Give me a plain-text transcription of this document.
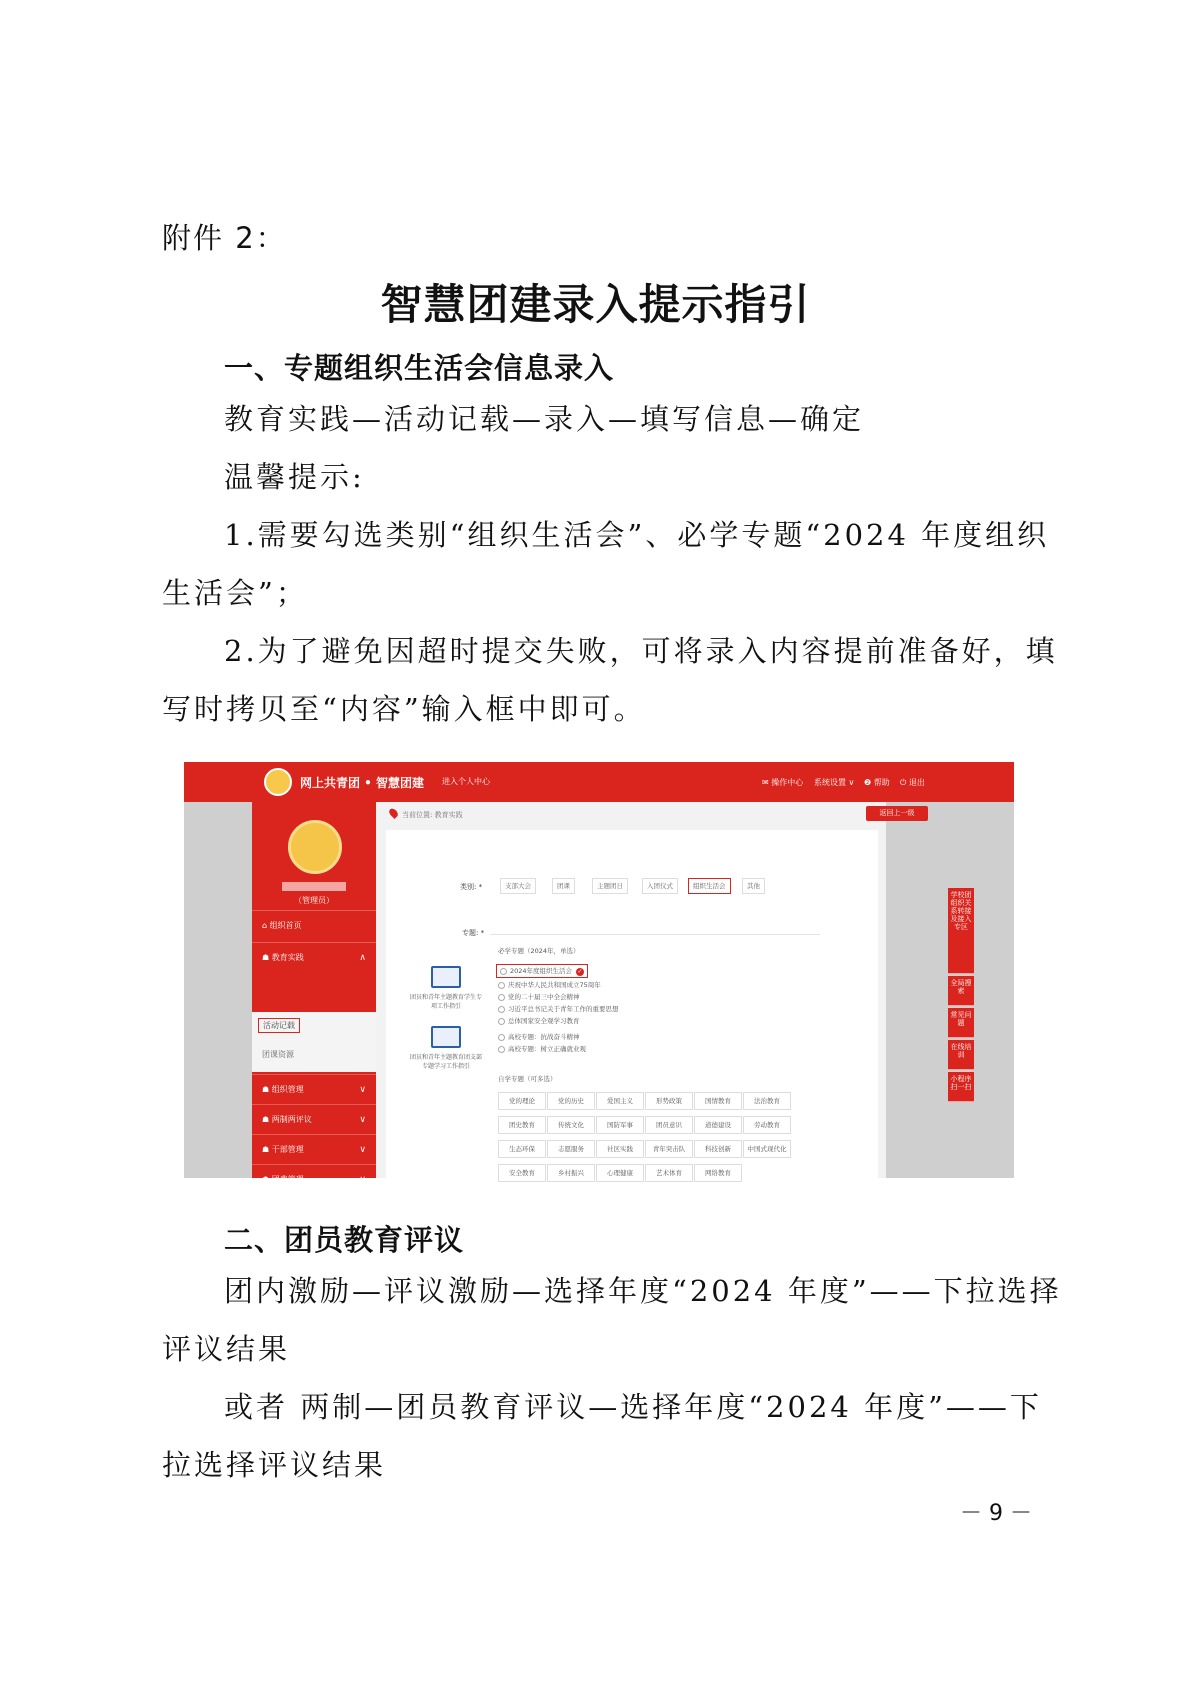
附件 2：
智慧团建录入提示指引
一、专题组织生活会信息录入
教育实践—活动记载—录入—填写信息—确定
温馨提示:
1.需要勾选类别“组织生活会”、必学专题“2024 年度组织
生活会”；
2.为了避免因超时提交失败，可将录入内容提前准备好，填
写时拷贝至“内容”输入框中即可。
网上共青团 • 智慧团建 进入个人中心	✉ 操作中心 系统设置 ∨ ❷ 帮助 ⏻ 退出
（管理员）
⌂ 组织首页
☗ 教育实践	∧
活动记载
团课资源
☗ 组织管理	∨
☗ 两制两评议	∨
☗ 干部管理	∨
☗ 团费管理	∨
当前位置: 教育实践
类别: *	支部大会	团课	主题团日	入团仪式	组织生活会	其他
专题: *
必学专题（2024年，单选）
2024年度组织生活会 ✓
庆祝中华人民共和国成立75周年
党的二十届三中全会精神
习近平总书记关于青年工作的重要思想
总体国家安全观学习教育
高校专题：抗战奋斗精神
高校专题：树立正确就业观
团员和青年主题教育学生专项工作指引
团员和青年主题教育团支部专题学习工作指引
自学专题（可多选）
党的理论	党的历史	爱国主义	形势政策	国情教育	法治教育
团史教育	传统文化	国防军事	团员意识	道德建设	劳动教育
生态环保	志愿服务	社区实践	青年突击队	科技创新	中国式现代化
安全教育	乡村振兴	心理健康	艺术体育	网络教育
返回上一级
学校团组织关系转接及接入专区
全局搜索
常见问题
在线培训
小程序扫一扫
二、团员教育评议
团内激励—评议激励—选择年度“2024 年度”——下拉选择
评议结果
或者 两制—团员教育评议—选择年度“2024 年度”——下
拉选择评议结果
－ 9 －
